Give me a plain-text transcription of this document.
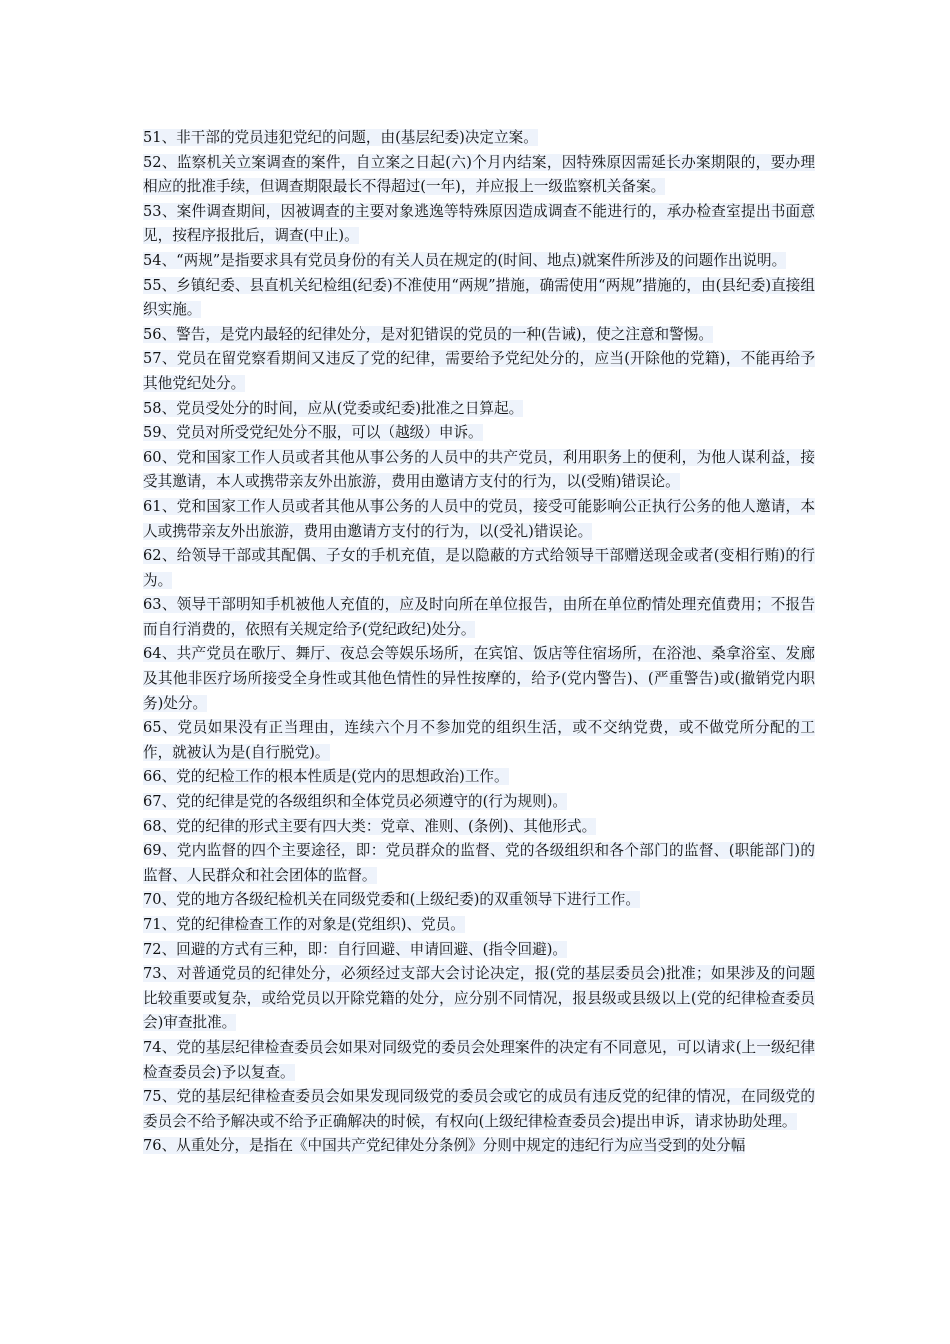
51、非干部的党员违犯党纪的问题，由(基层纪委)决定立案。

52、监察机关立案调查的案件，自立案之日起(六)个月内结案，因特殊原因需延长办案期限的，要办理相应的批准手续，但调查期限最长不得超过(一年)，并应报上一级监察机关备案。

53、案件调查期间，因被调查的主要对象逃逸等特殊原因造成调查不能进行的，承办检查室提出书面意见，按程序报批后，调查(中止)。

54、“两规”是指要求具有党员身份的有关人员在规定的(时间、地点)就案件所涉及的问题作出说明。

55、乡镇纪委、县直机关纪检组(纪委)不准使用“两规”措施，确需使用“两规”措施的，由(县纪委)直接组织实施。

56、警告，是党内最轻的纪律处分，是对犯错误的党员的一种(告诫)，使之注意和警惕。

57、党员在留党察看期间又违反了党的纪律，需要给予党纪处分的，应当(开除他的党籍)，不能再给予其他党纪处分。

58、党员受处分的时间，应从(党委或纪委)批准之日算起。

59、党员对所受党纪处分不服，可以（越级）申诉。

60、党和国家工作人员或者其他从事公务的人员中的共产党员，利用职务上的便利，为他人谋利益，接受其邀请，本人或携带亲友外出旅游，费用由邀请方支付的行为，以(受贿)错误论。

61、党和国家工作人员或者其他从事公务的人员中的党员，接受可能影响公正执行公务的他人邀请，本人或携带亲友外出旅游，费用由邀请方支付的行为，以(受礼)错误论。

62、给领导干部或其配偶、子女的手机充值，是以隐蔽的方式给领导干部赠送现金或者(变相行贿)的行为。

63、领导干部明知手机被他人充值的，应及时向所在单位报告，由所在单位酌情处理充值费用；不报告而自行消费的，依照有关规定给予(党纪政纪)处分。

64、共产党员在歌厅、舞厅、夜总会等娱乐场所，在宾馆、饭店等住宿场所，在浴池、桑拿浴室、发廊及其他非医疗场所接受全身性或其他色情性的异性按摩的，给予(党内警告)、(严重警告)或(撤销党内职务)处分。

65、党员如果没有正当理由，连续六个月不参加党的组织生活，或不交纳党费，或不做党所分配的工作，就被认为是(自行脱党)。

66、党的纪检工作的根本性质是(党内的思想政治)工作。

67、党的纪律是党的各级组织和全体党员必须遵守的(行为规则)。

68、党的纪律的形式主要有四大类：党章、准则、(条例)、其他形式。

69、党内监督的四个主要途径，即：党员群众的监督、党的各级组织和各个部门的监督、(职能部门)的监督、人民群众和社会团体的监督。

70、党的地方各级纪检机关在同级党委和(上级纪委)的双重领导下进行工作。

71、党的纪律检查工作的对象是(党组织)、党员。

72、回避的方式有三种，即：自行回避、申请回避、(指令回避)。

73、对普通党员的纪律处分，必须经过支部大会讨论决定，报(党的基层委员会)批准；如果涉及的问题比较重要或复杂，或给党员以开除党籍的处分，应分别不同情况，报县级或县级以上(党的纪律检查委员会)审查批准。

74、党的基层纪律检查委员会如果对同级党的委员会处理案件的决定有不同意见，可以请求(上一级纪律检查委员会)予以复查。

75、党的基层纪律检查委员会如果发现同级党的委员会或它的成员有违反党的纪律的情况，在同级党的委员会不给予解决或不给予正确解决的时候，有权向(上级纪律检查委员会)提出申诉，请求协助处理。

76、从重处分，是指在《中国共产党纪律处分条例》分则中规定的违纪行为应当受到的处分幅
